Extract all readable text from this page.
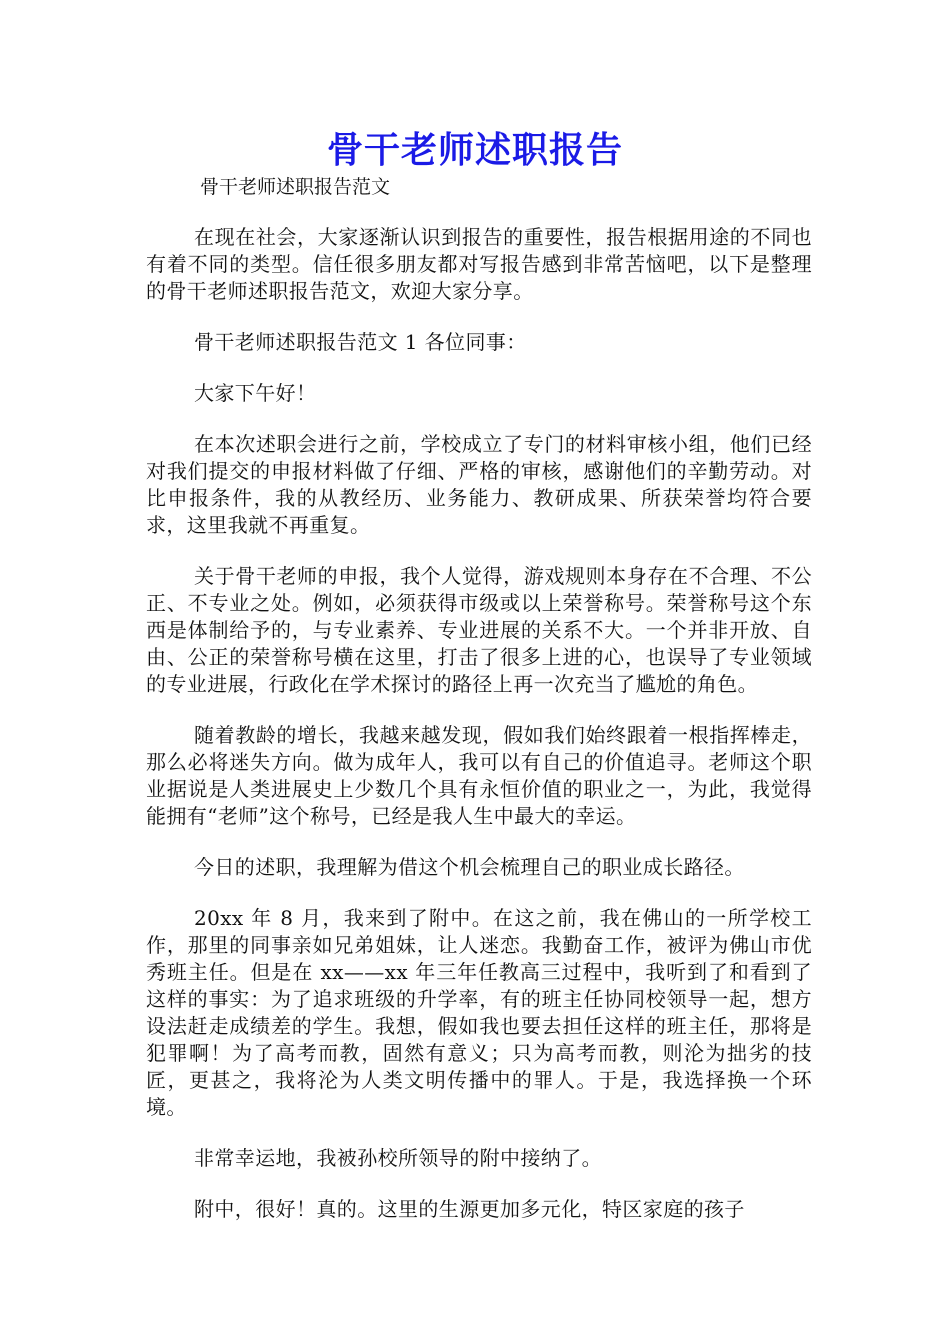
骨干老师述职报告
骨干老师述职报告范文

在现在社会，大家逐渐认识到报告的重要性，报告根据用途的不同也有着不同的类型。信任很多朋友都对写报告感到非常苦恼吧，以下是整理的骨干老师述职报告范文，欢迎大家分享。

骨干老师述职报告范文 1 各位同事：

大家下午好！

在本次述职会进行之前，学校成立了专门的材料审核小组，他们已经对我们提交的申报材料做了仔细、严格的审核，感谢他们的辛勤劳动。对比申报条件，我的从教经历、业务能力、教研成果、所获荣誉均符合要求，这里我就不再重复。

关于骨干老师的申报，我个人觉得，游戏规则本身存在不合理、不公正、不专业之处。例如，必须获得市级或以上荣誉称号。荣誉称号这个东西是体制给予的，与专业素养、专业进展的关系不大。一个并非开放、自由、公正的荣誉称号横在这里，打击了很多上进的心，也误导了专业领域的专业进展，行政化在学术探讨的路径上再一次充当了尴尬的角色。

随着教龄的增长，我越来越发现，假如我们始终跟着一根指挥棒走，那么必将迷失方向。做为成年人，我可以有自己的价值追寻。老师这个职业据说是人类进展史上少数几个具有永恒价值的职业之一，为此，我觉得能拥有“老师”这个称号，已经是我人生中最大的幸运。

今日的述职，我理解为借这个机会梳理自己的职业成长路径。

20xx 年 8 月，我来到了附中。在这之前，我在佛山的一所学校工作，那里的同事亲如兄弟姐妹，让人迷恋。我勤奋工作，被评为佛山市优秀班主任。但是在 xx——xx 年三年任教高三过程中，我听到了和看到了这样的事实：为了追求班级的升学率，有的班主任协同校领导一起，想方设法赶走成绩差的学生。我想，假如我也要去担任这样的班主任，那将是犯罪啊！为了高考而教，固然有意义；只为高考而教，则沦为拙劣的技匠，更甚之，我将沦为人类文明传播中的罪人。于是，我选择换一个环境。

非常幸运地，我被孙校所领导的附中接纳了。

附中，很好！真的。这里的生源更加多元化，特区家庭的孩子
